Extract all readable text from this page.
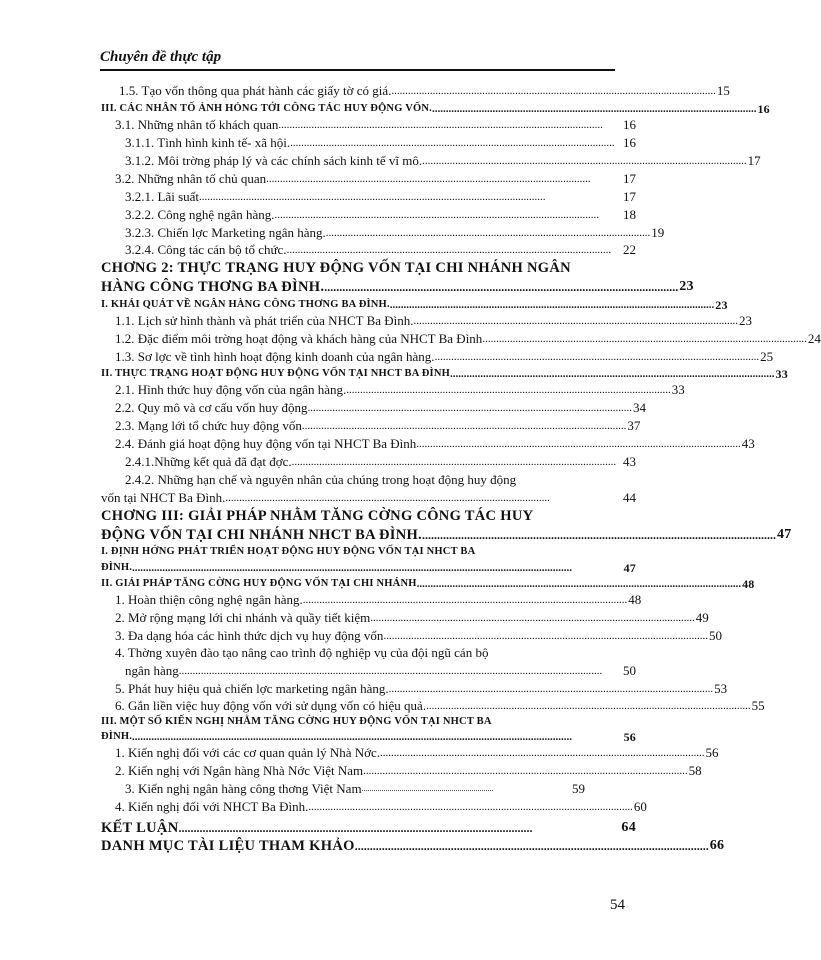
Chuyên đề thực tập
1.5. Tạo vốn thông qua phát hành các giấy tờ có giá. ...................................................................................................................... 15
III. CÁC NHÂN TỐ ẢNH HỎNG TỚI CÔNG TÁC HUY ĐỘNG VỐN. ...................................................................................................................... 16
3.1. Những nhân tố khách quan ......................................................................................................................	16
3.1.1. Tình hình kinh tế- xã hội. ...................................................................................................................... 16
3.1.2. Môi trờng pháp lý và các chính sách kinh tế vĩ mô. ...................................................................................................................... 17
3.2. Những nhân tố chủ quan ......................................................................................................................	17
3.2.1. Lãi suất ..............................................................................................................................	17
3.2.2. Công nghệ ngân hàng. ......................................................................................................................	18
3.2.3. Chiến lợc Marketing ngân hàng. ...................................................................................................................... 19
3.2.4. Công tác cán bộ tổ chức. ...................................................................................................................... 22
CHƠNG 2: THỰC TRẠNG HUY ĐỘNG VỐN TẠI CHI NHÁNH NGÂN
HÀNG CÔNG THƠNG BA ĐÌNH. ...................................................................................................................... 23
I. KHÁI QUÁT VỀ NGÂN HÀNG CÔNG THƠNG BA ĐÌNH. ...................................................................................................................... 23
1.1. Lịch sử hình thành và phát triển của NHCT Ba Đình. ...................................................................................................................... 23
1.2. Đặc điểm môi trờng hoạt động và khách hàng của NHCT Ba Đình ...................................................................................................................... 24
1.3. Sơ lợc về tình hình hoạt động kinh doanh của ngân hàng. ...................................................................................................................... 25
II. THỰC TRẠNG HOẠT ĐỘNG HUY ĐỘNG VỐN TẠI NHCT BA ĐÌNH ...................................................................................................................... 33
2.1. Hình thức huy động vốn của ngân hàng. ...................................................................................................................... 33
2.2. Quy mô và cơ cấu vốn huy động ...................................................................................................................... 34
2.3. Mạng lới tổ chức huy động vốn ...................................................................................................................... 37
2.4. Đánh giá hoạt động huy động vốn tại NHCT Ba Đình ...................................................................................................................... 43
2.4.1.Những kết quả đã đạt đợc. ...................................................................................................................... 43
2.4.2. Những hạn chế và nguyên nhân của chúng trong hoạt động huy động
vốn tại NHCT Ba Đình. ......................................................................................................................	44
CHƠNG III: GIẢI PHÁP NHẰM TĂNG CỜNG CÔNG TÁC HUY
ĐỘNG VỐN TẠI CHI NHÁNH NHCT BA ĐÌNH. ...................................................................................................................... 47
I. ĐỊNH HỚNG PHÁT TRIỂN HOẠT ĐỘNG HUY ĐỘNG VỐN TẠI NHCT BA
ĐÌNH. ................................................................................................................................................................	47
II. GIẢI PHÁP TĂNG CỜNG HUY ĐỘNG VỐN TẠI CHI NHÁNH ...................................................................................................................... 48
1. Hoàn thiện công nghệ ngân hàng. ...................................................................................................................... 48
2. Mở rộng mạng lới chi nhánh và quầy tiết kiệm ...................................................................................................................... 49
3. Đa dạng hóa các hình thức dịch vụ huy động vốn ...................................................................................................................... 50
4. Thờng xuyên đào tạo nâng cao trình độ nghiệp vụ của đội ngũ cán bộ
ngân hàng ..........................................................................................................................................................	50
5. Phát huy hiệu quả chiến lợc marketing ngân hàng. ...................................................................................................................... 53
6. Gắn liền việc huy động vốn với sử dụng vốn có hiệu quả. ...................................................................................................................... 55
III. MỘT SỐ KIẾN NGHỊ NHẰM TĂNG CỜNG HUY ĐỘNG VỐN TẠI NHCT BA
ĐÌNH. ................................................................................................................................................................	56
1. Kiến nghị đối với các cơ quan quản lý Nhà Nớc. ...................................................................................................................... 56
2. Kiến nghị với Ngân hàng Nhà Nớc Việt Nam ...................................................................................................................... 58
3. Kiến nghị ngân hàng công thơng Việt Nam ..................................................................	59
4. Kiến nghị đối với NHCT Ba Đình. ...................................................................................................................... 60
KẾT LUẬN ......................................................................................................................	64
DANH MỤC TÀI LIỆU THAM KHẢO ...................................................................................................................... 66
54
